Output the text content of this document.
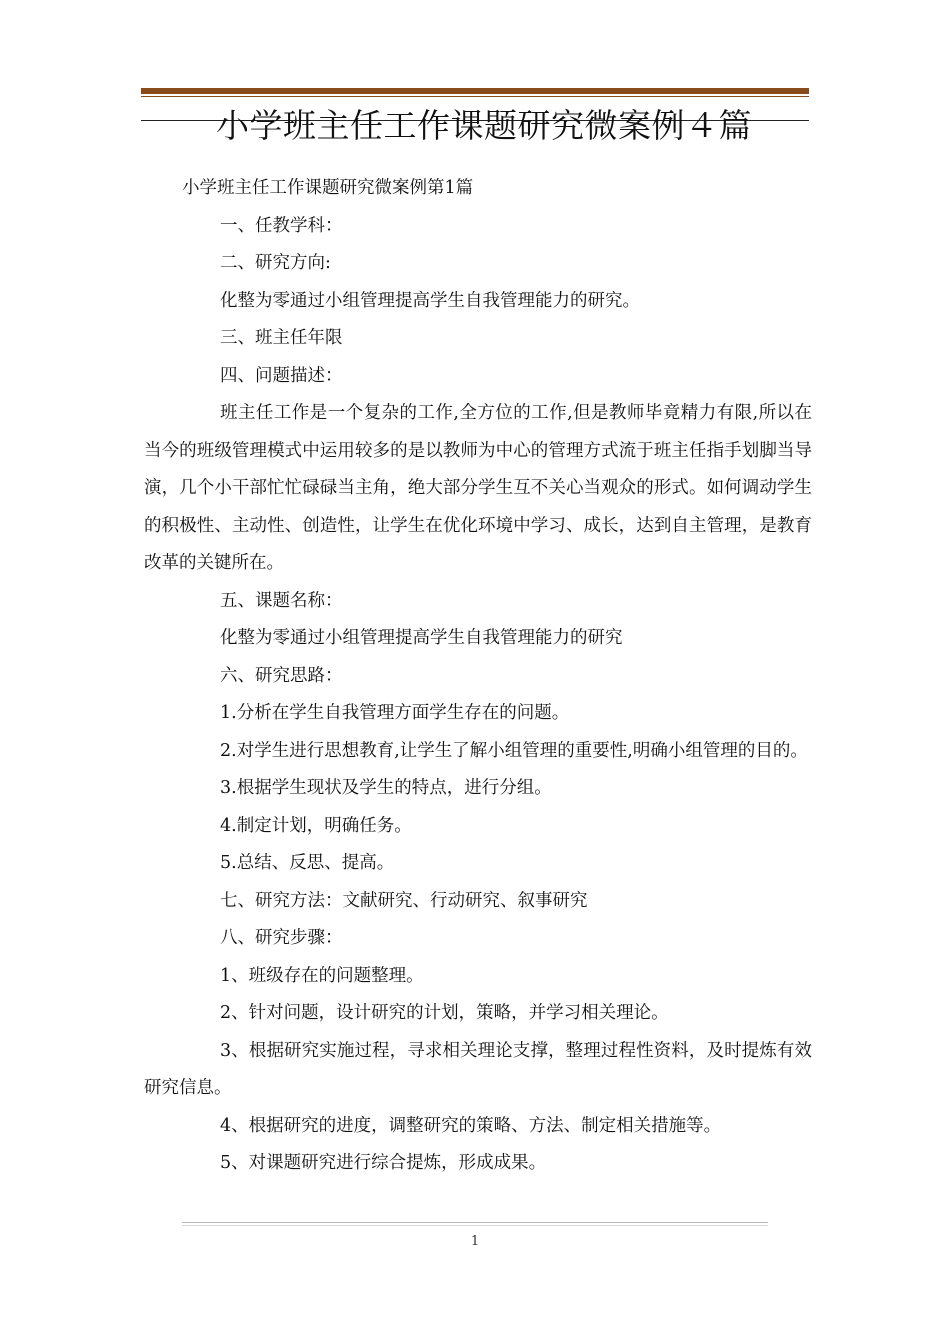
小学班主任工作课题研究微案例４篇

小学班主任工作课题研究微案例第1篇

一、任教学科：

二、研究方向:

化整为零通过小组管理提高学生自我管理能力的研究。

三、班主任年限

四、问题描述：

班主任工作是一个复杂的工作,全方位的工作,但是教师毕竟精力有限,所以在当今的班级管理模式中运用较多的是以教师为中心的管理方式流于班主任指手划脚当导演，几个小干部忙忙碌碌当主角，绝大部分学生互不关心当观众的形式。如何调动学生的积极性、主动性、创造性，让学生在优化环境中学习、成长，达到自主管理，是教育改革的关键所在。

五、课题名称：

化整为零通过小组管理提高学生自我管理能力的研究

六、研究思路：

1.分析在学生自我管理方面学生存在的问题。

2.对学生进行思想教育,让学生了解小组管理的重要性,明确小组管理的目的。

3.根据学生现状及学生的特点，进行分组。

4.制定计划，明确任务。

5.总结、反思、提高。

七、研究方法：文献研究、行动研究、叙事研究

八、研究步骤：

1、班级存在的问题整理。

2、针对问题，设计研究的计划，策略，并学习相关理论。

3、根据研究实施过程，寻求相关理论支撑，整理过程性资料，及时提炼有效研究信息。

4、根据研究的进度，调整研究的策略、方法、制定相关措施等。

5、对课题研究进行综合提炼，形成成果。

1
